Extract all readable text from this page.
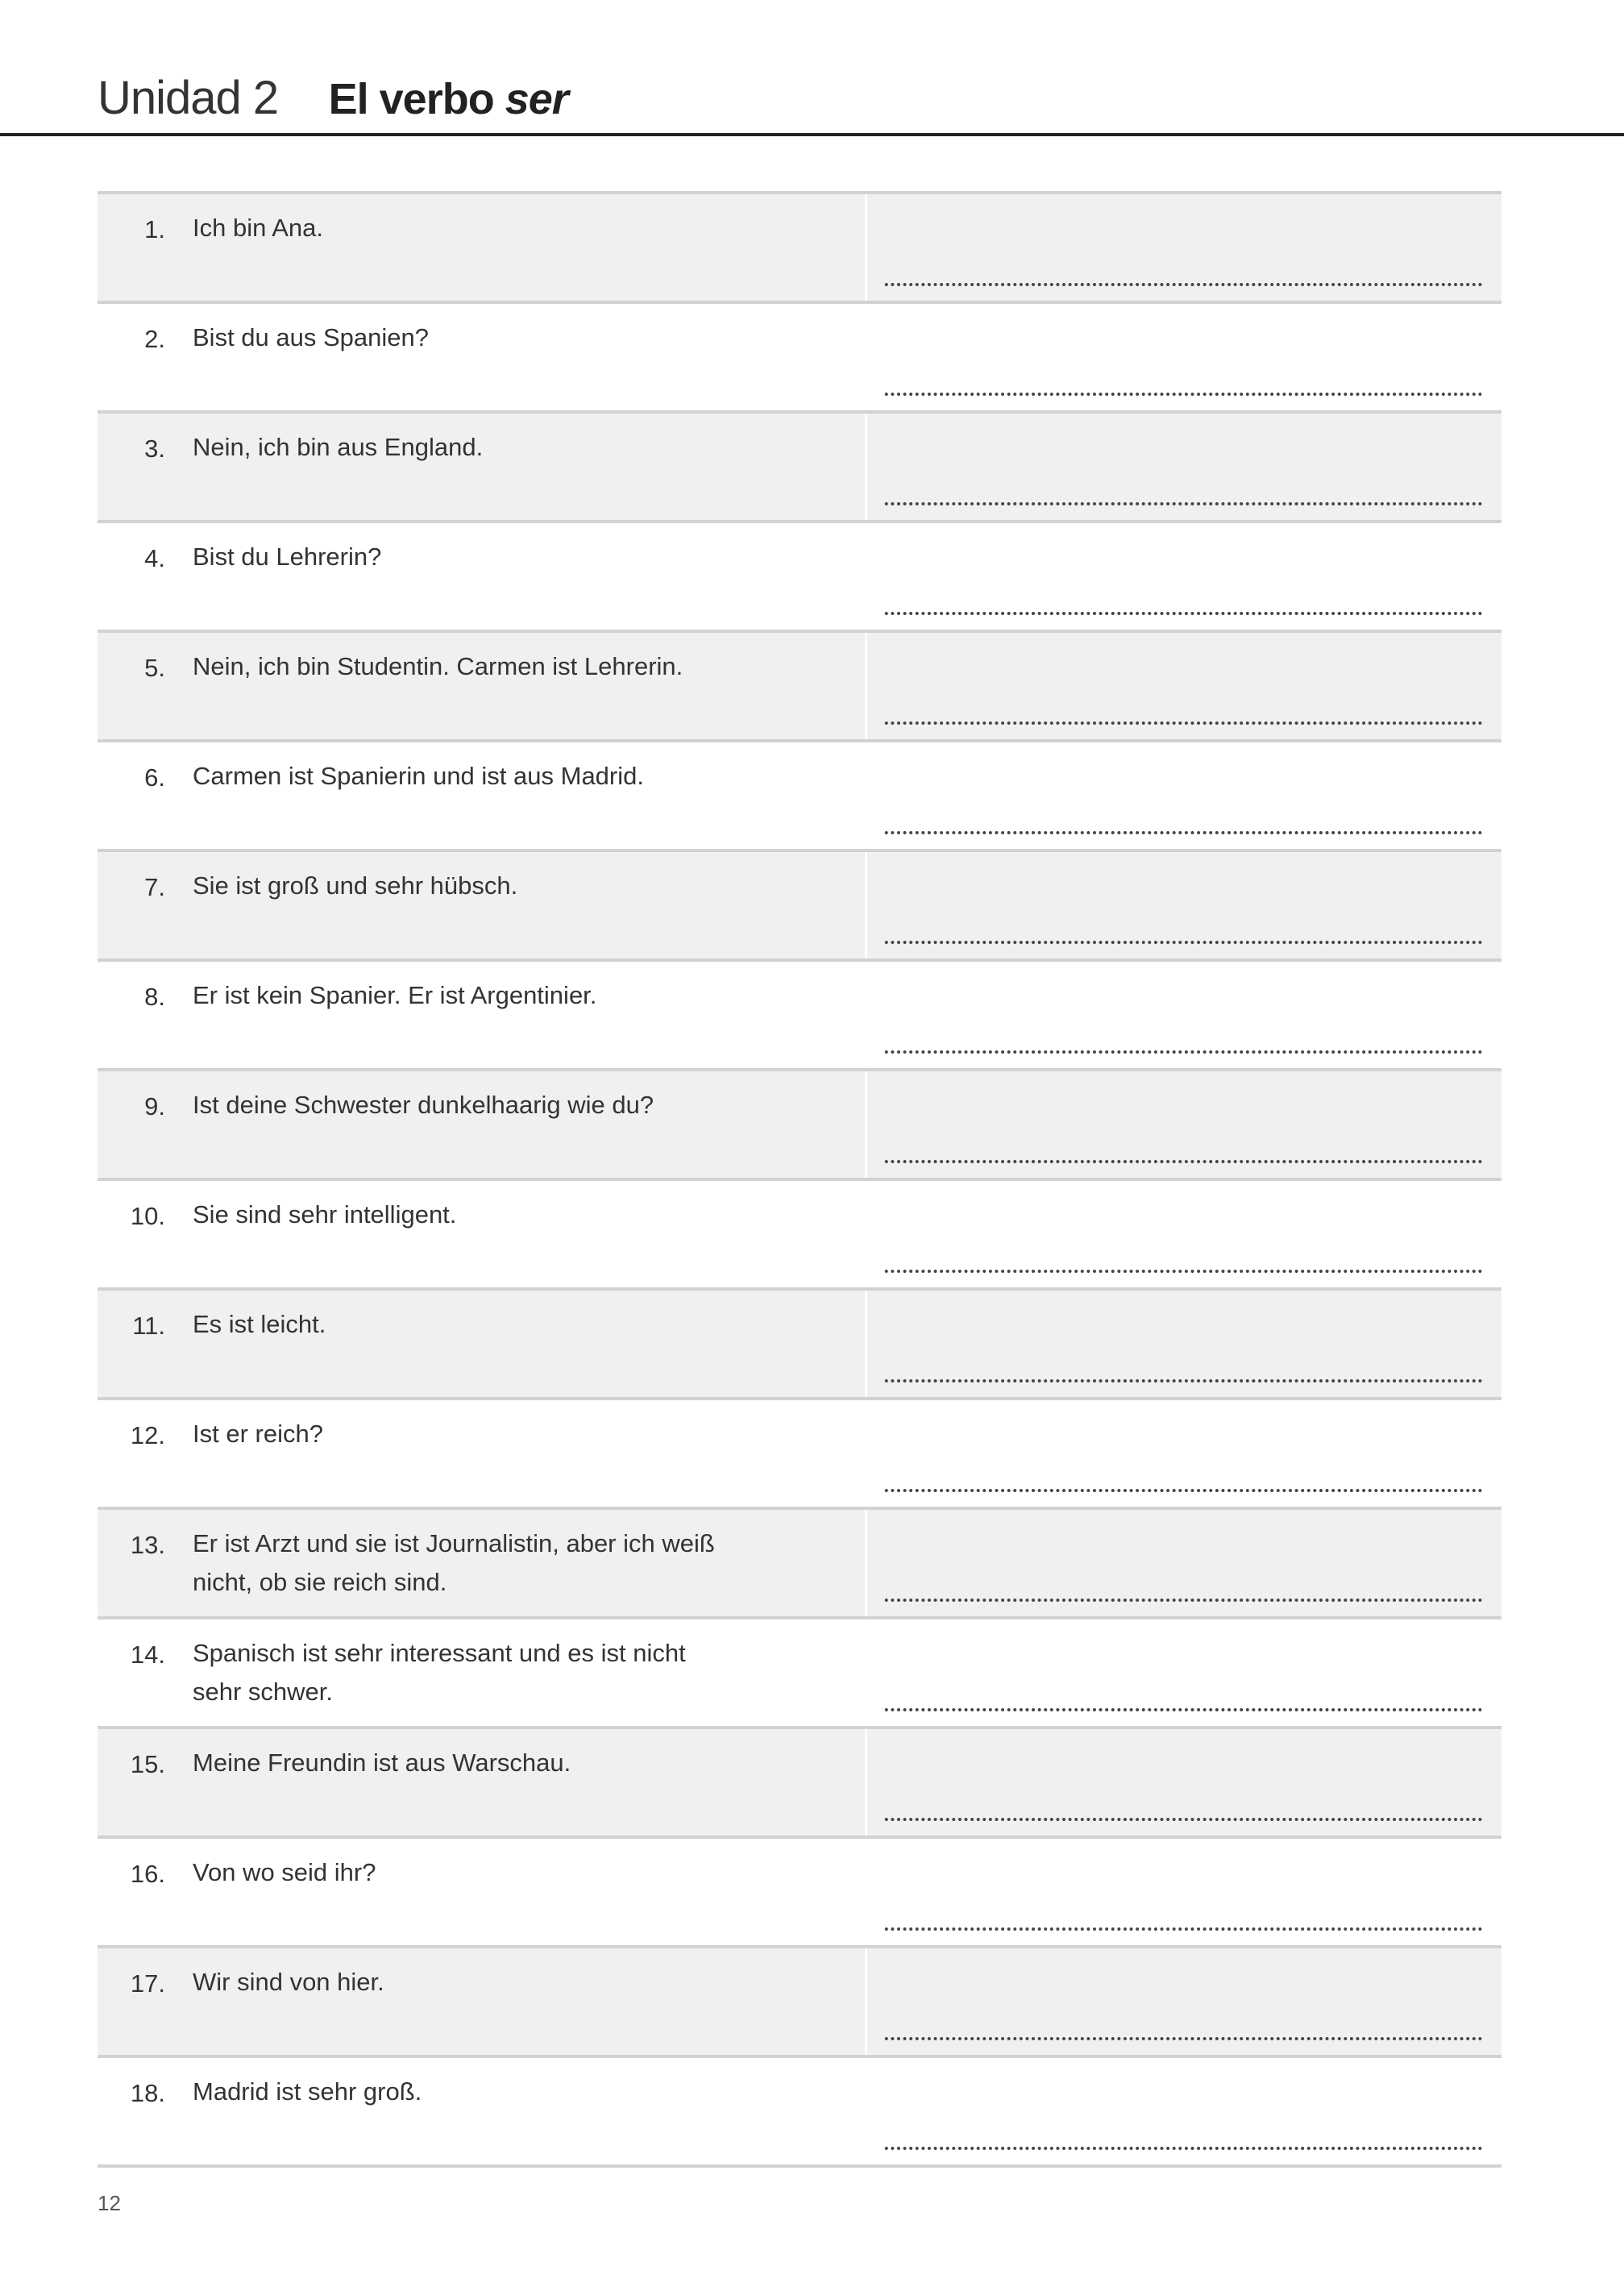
Unidad 2 El verbo ser
1. Ich bin Ana.
2. Bist du aus Spanien?
3. Nein, ich bin aus England.
4. Bist du Lehrerin?
5. Nein, ich bin Studentin. Carmen ist Lehrerin.
6. Carmen ist Spanierin und ist aus Madrid.
7. Sie ist groß und sehr hübsch.
8. Er ist kein Spanier. Er ist Argentinier.
9. Ist deine Schwester dunkelhaarig wie du?
10. Sie sind sehr intelligent.
11. Es ist leicht.
12. Ist er reich?
13. Er ist Arzt und sie ist Journalistin, aber ich weiß
nicht, ob sie reich sind.
14. Spanisch ist sehr interessant und es ist nicht
sehr schwer.
15. Meine Freundin ist aus Warschau.
16. Von wo seid ihr?
17. Wir sind von hier.
18. Madrid ist sehr groß.
12
